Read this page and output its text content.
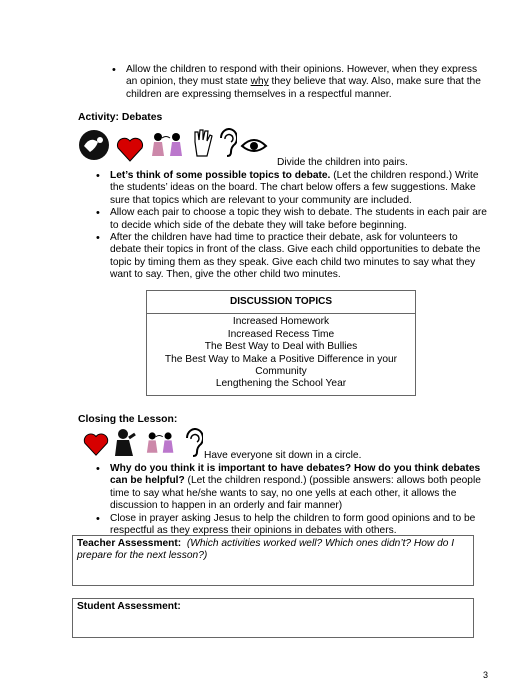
• Allow the children to respond with their opinions. However, when they express an opinion, they must state why they believe that way. Also, make sure that the children are expressing themselves in a respectful manner.
Activity: Debates

Divide the children into pairs.
• Let’s think of some possible topics to debate. (Let the children respond.) Write the students’ ideas on the board. The chart below offers a few suggestions. Make sure that topics which are relevant to your community are included.
• Allow each pair to choose a topic they wish to debate. The students in each pair are to decide which side of the debate they will take before beginning.
• After the children have had time to practice their debate, ask for volunteers to debate their topics in front of the class. Give each child opportunities to debate the topic by timing them as they speak. Give each child two minutes to say what they want to say. Then, give the other child two minutes.
DISCUSSION TOPICS
Increased Homework
Increased Recess Time
The Best Way to Deal with Bullies
The Best Way to Make a Positive Difference in your
Community
Lengthening the School Year
Closing the Lesson:

Have everyone sit down in a circle.
• Why do you think it is important to have debates? How do you think debates can be helpful? (Let the children respond.) (possible answers: allows both people time to say what he/she wants to say, no one yells at each other, it allows the discussion to happen in an orderly and fair manner)
• Close in prayer asking Jesus to help the children to form good opinions and to be respectful as they express their opinions in debates with others.
Teacher Assessment: (Which activities worked well? Which ones didn’t? How do I prepare for the next lesson?)
Student Assessment:
3
